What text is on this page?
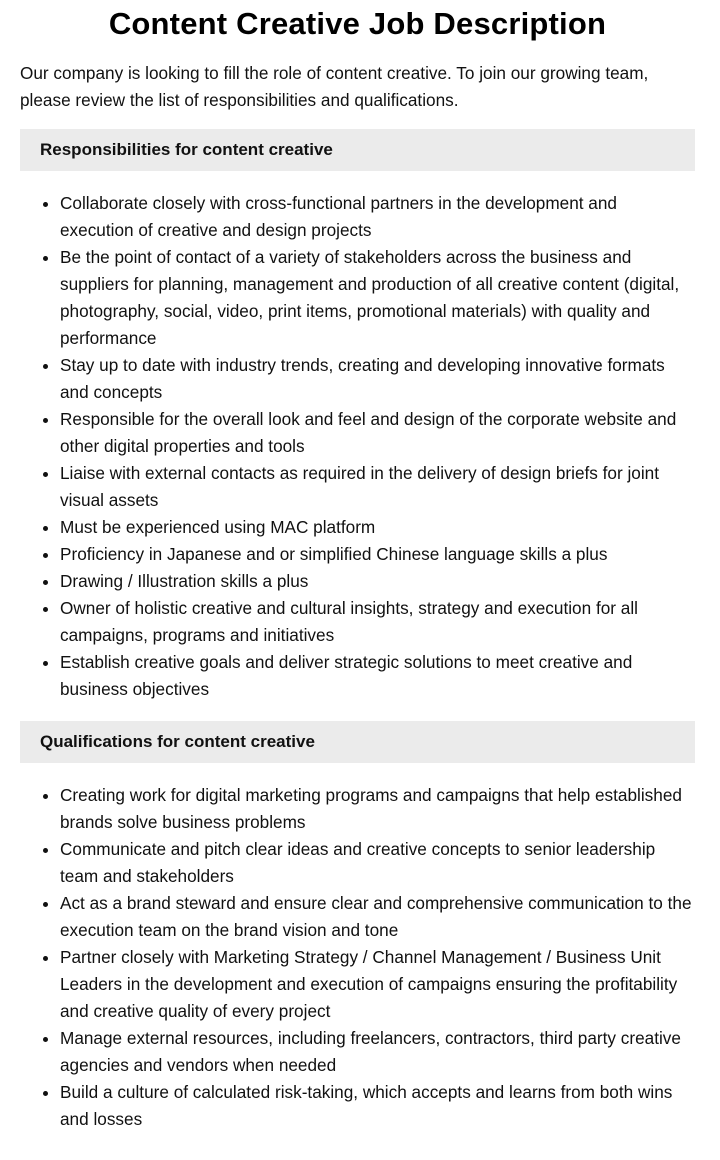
Content Creative Job Description

Our company is looking to fill the role of content creative. To join our growing team, please review the list of responsibilities and qualifications.

Responsibilities for content creative
Collaborate closely with cross-functional partners in the development and execution of creative and design projects
Be the point of contact of a variety of stakeholders across the business and suppliers for planning, management and production of all creative content (digital, photography, social, video, print items, promotional materials) with quality and performance
Stay up to date with industry trends, creating and developing innovative formats and concepts
Responsible for the overall look and feel and design of the corporate website and other digital properties and tools
Liaise with external contacts as required in the delivery of design briefs for joint visual assets
Must be experienced using MAC platform
Proficiency in Japanese and or simplified Chinese language skills a plus
Drawing / Illustration skills a plus
Owner of holistic creative and cultural insights, strategy and execution for all campaigns, programs and initiatives
Establish creative goals and deliver strategic solutions to meet creative and business objectives
Qualifications for content creative
Creating work for digital marketing programs and campaigns that help established brands solve business problems
Communicate and pitch clear ideas and creative concepts to senior leadership team and stakeholders
Act as a brand steward and ensure clear and comprehensive communication to the execution team on the brand vision and tone
Partner closely with Marketing Strategy / Channel Management / Business Unit Leaders in the development and execution of campaigns ensuring the profitability and creative quality of every project
Manage external resources, including freelancers, contractors, third party creative agencies and vendors when needed
Build a culture of calculated risk-taking, which accepts and learns from both wins and losses
